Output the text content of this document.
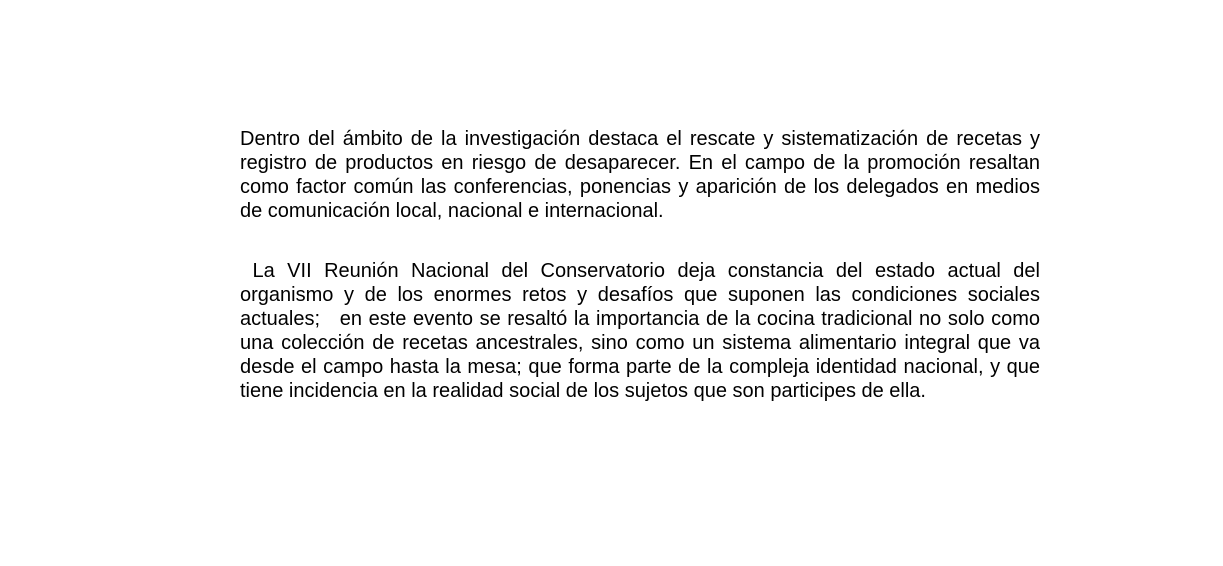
Dentro del ámbito de la investigación destaca el rescate y sistematización de recetas y registro de productos en riesgo de desaparecer. En el campo de la promoción resaltan como factor común las conferencias, ponencias y aparición de los delegados en medios de comunicación local, nacional e internacional.

La VII Reunión Nacional del Conservatorio deja constancia del estado actual del organismo y de los enormes retos y desafíos que suponen las condiciones sociales actuales;   en este evento se resaltó la importancia de la cocina tradicional no solo como una colección de recetas ancestrales, sino como un sistema alimentario integral que va desde el campo hasta la mesa; que forma parte de la compleja identidad nacional, y que tiene incidencia en la realidad social de los sujetos que son participes de ella.
